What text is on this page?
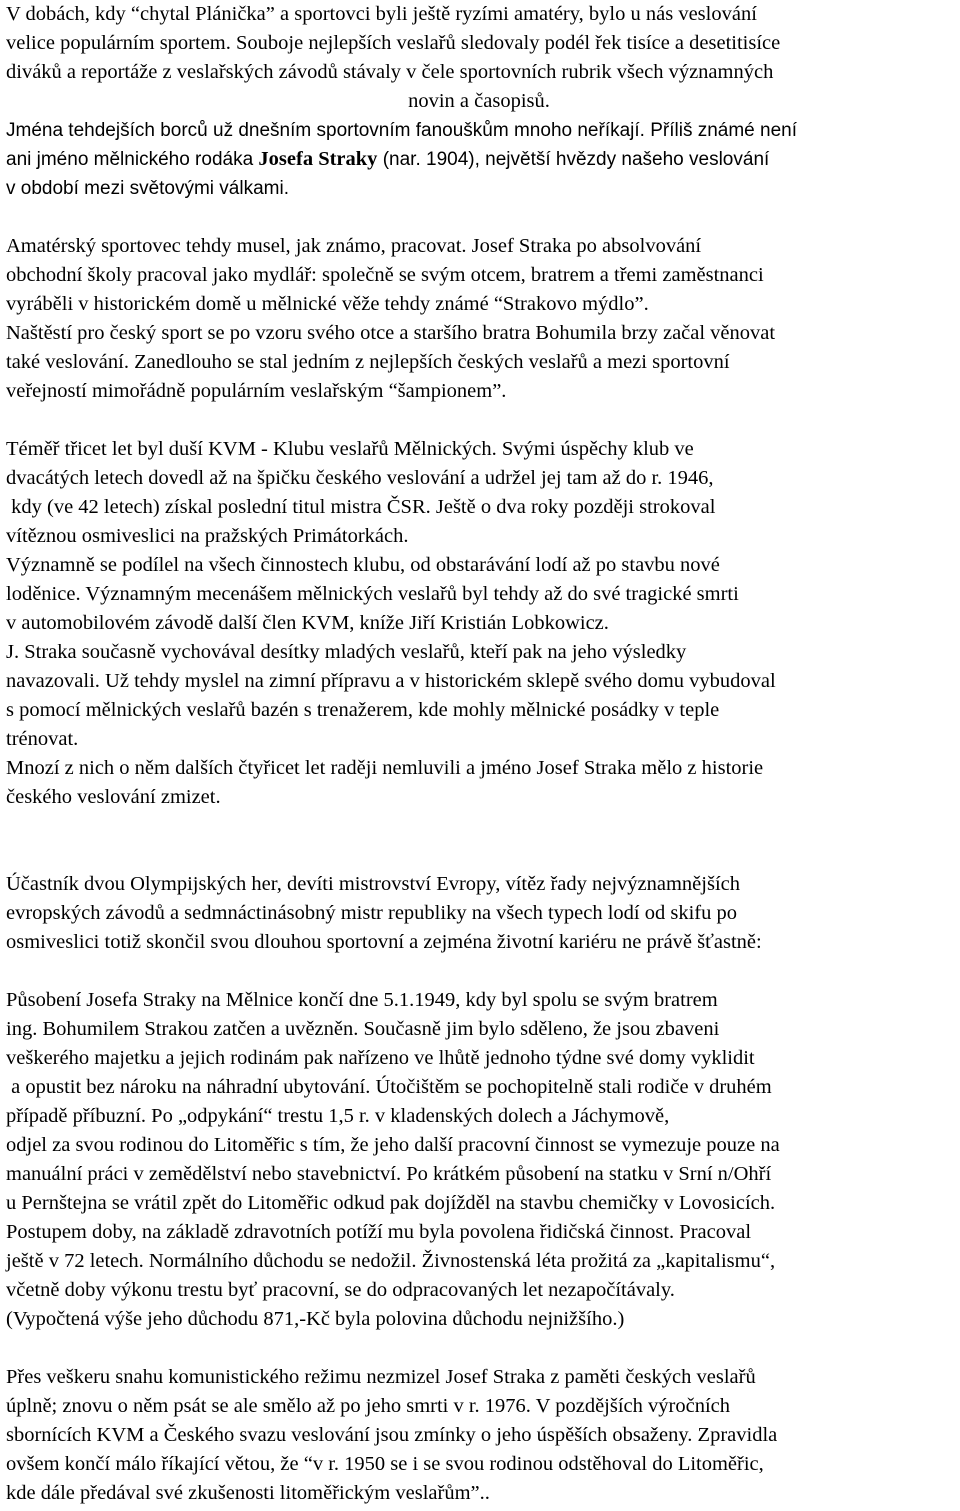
V dobách, kdy “chytal Plánička” a sportovci byli ještě ryzími amatéry, bylo u nás veslování

velice populárním sportem. Souboje nejlepších veslařů sledovaly podél řek tisíce a desetitisíce

diváků a reportáže z veslařských závodů stávaly v čele sportovních rubrik všech významných

novin a časopisů.

Jména tehdejších borců už dnešním sportovním fanouškům mnoho neříkají. Příliš známé není

ani jméno mělnického rodáka Josefa Straky (nar. 1904), největší hvězdy našeho veslování

v období mezi světovými válkami.

Amatérský sportovec tehdy musel, jak známo, pracovat. Josef Straka po absolvování

obchodní školy pracoval jako mydlář: společně se svým otcem, bratrem a třemi zaměstnanci

vyráběli v historickém domě u mělnické věže tehdy známé “Strakovo mýdlo”.

Naštěstí pro český sport se po vzoru svého otce a staršího bratra Bohumila brzy začal věnovat

také veslování. Zanedlouho se stal jedním z nejlepších českých veslařů a mezi sportovní

veřejností mimořádně populárním veslařským “šampionem”.

Téměř třicet let byl duší KVM - Klubu veslařů Mělnických. Svými úspěchy klub ve

dvacátých letech dovedl až na špičku českého veslování a udržel jej tam až do r. 1946,

kdy (ve 42 letech) získal poslední titul mistra ČSR. Ještě o dva roky později strokoval

vítěznou osmiveslici na pražských Primátorkách.

Významně se podílel na všech činnostech klubu, od obstarávání lodí až po stavbu nové

loděnice. Významným mecenášem mělnických veslařů byl tehdy až do své tragické smrti

v automobilovém závodě další člen KVM, kníže Jiří Kristián Lobkowicz.

J. Straka současně vychovával desítky mladých veslařů, kteří pak na jeho výsledky

navazovali. Už tehdy myslel na zimní přípravu a v historickém sklepě svého domu vybudoval

s pomocí mělnických veslařů bazén s trenažerem, kde mohly mělnické posádky v teple

trénovat.

Mnozí z nich o něm dalších čtyřicet let raději nemluvili a jméno Josef Straka mělo z historie

českého veslování zmizet.

Účastník dvou Olympijských her, devíti mistrovství Evropy, vítěz řady nejvýznamnějších

evropských závodů a sedmnáctinásobný mistr republiky na všech typech lodí od skifu po

osmiveslici totiž skončil svou dlouhou sportovní a zejména životní kariéru ne právě šťastně:

Působení Josefa Straky na Mělnice končí dne 5.1.1949, kdy byl spolu se svým bratrem

ing. Bohumilem Strakou zatčen a uvězněn. Současně jim bylo sděleno, že jsou zbaveni

veškerého majetku a jejich rodinám pak nařízeno ve lhůtě jednoho týdne své domy vyklidit

a opustit bez nároku na náhradní ubytování. Útočištěm se pochopitelně stali rodiče v druhém

případě příbuzní. Po „odpykání“ trestu 1,5 r. v kladenských dolech a Jáchymově,

odjel za svou rodinou do Litoměřic s tím, že jeho další pracovní činnost se vymezuje pouze na

manuální práci v zemědělství nebo stavebnictví. Po krátkém působení na statku v Srní n/Ohří

u Pernštejna se vrátil zpět do Litoměřic odkud pak dojížděl na stavbu chemičky v Lovosicích.

Postupem doby, na základě zdravotních potíží mu byla povolena řidičská činnost. Pracoval

ještě v 72 letech. Normálního důchodu se nedožil. Živnostenská léta prožitá za „kapitalismu“,

včetně doby výkonu trestu byť pracovní, se do odpracovaných let nezapočítávaly.

(Vypočtená výše jeho důchodu 871,-Kč byla polovina důchodu nejnižšího.)

Přes veškeru snahu komunistického režimu nezmizel Josef Straka z paměti českých veslařů

úplně; znovu o něm psát se ale smělo až po jeho smrti v r. 1976. V pozdějších výročních

sbornících KVM a Českého svazu veslování jsou zmínky o jeho úspěších obsaženy. Zpravidla

ovšem končí málo říkající větou, že “v r. 1950 se i se svou rodinou odstěhoval do Litoměřic,

kde dále předával své zkušenosti litoměřickým veslařům”..
